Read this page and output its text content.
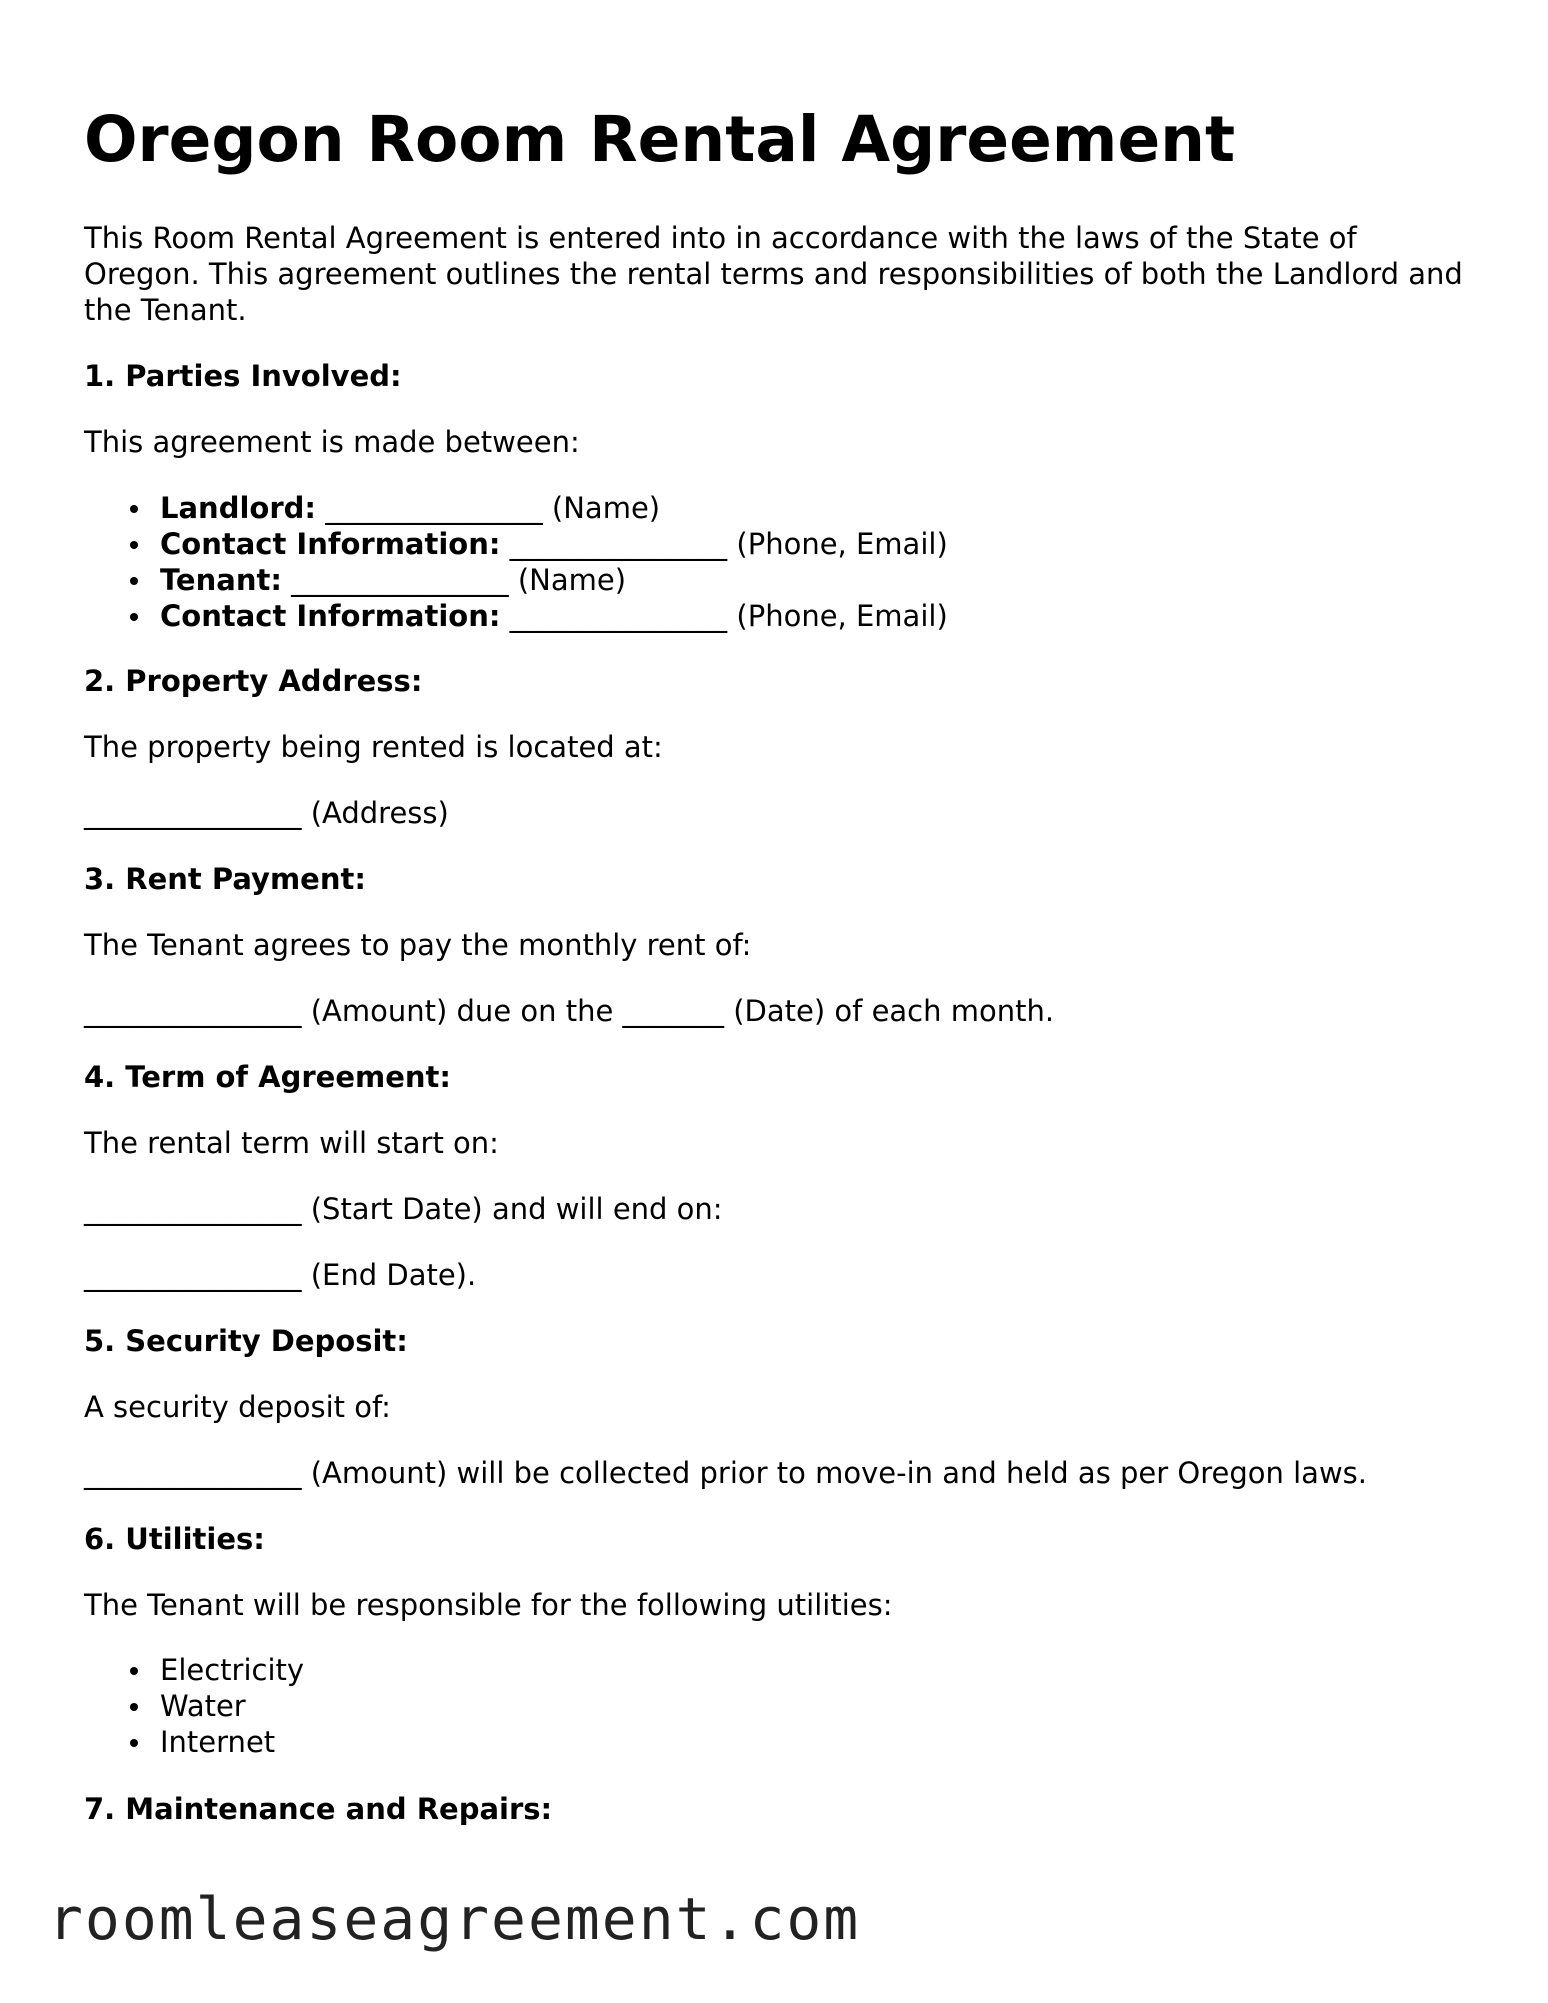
Oregon Room Rental Agreement

This Room Rental Agreement is entered into in accordance with the laws of the State of Oregon. This agreement outlines the rental terms and responsibilities of both the Landlord and the Tenant.

1. Parties Involved:
This agreement is made between:
Landlord: _______________ (Name)
Contact Information: _______________ (Phone, Email)
Tenant: _______________ (Name)
Contact Information: _______________ (Phone, Email)
2. Property Address:
The property being rented is located at:
_______________ (Address)
3. Rent Payment:
The Tenant agrees to pay the monthly rent of:
_______________ (Amount) due on the _______ (Date) of each month.
4. Term of Agreement:
The rental term will start on:
_______________ (Start Date) and will end on:
_______________ (End Date).
5. Security Deposit:
A security deposit of:
_______________ (Amount) will be collected prior to move-in and held as per Oregon laws.
6. Utilities:
The Tenant will be responsible for the following utilities:
Electricity
Water
Internet
7. Maintenance and Repairs:
roomleaseagreement.com
